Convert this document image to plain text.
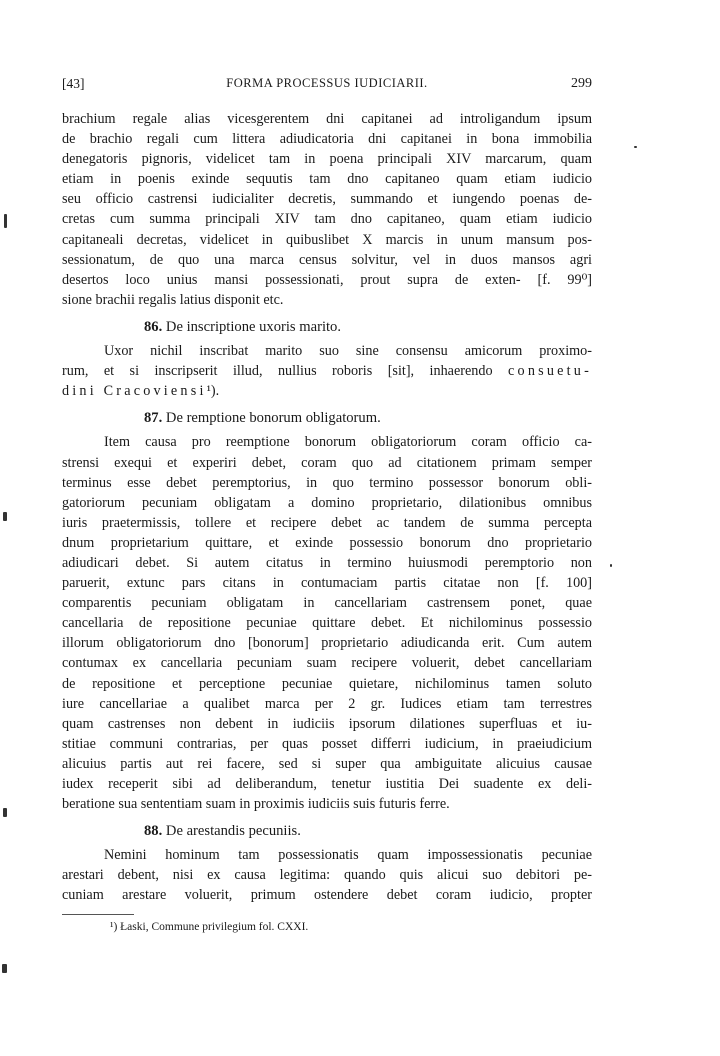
[43]	FORMA PROCESSUS IUDICIARII.	299
brachium regale alias vicesgerentem dni capitanei ad introligandum ipsum
de brachio regali cum littera adiudicatoria dni capitanei in bona immobilia
denegatoris pignoris, videlicet tam in poena principali XIV marcarum, quam
etiam in poenis exinde sequutis tam dno capitaneo quam etiam iudicio
seu officio castrensi iudicialiter decretis, summando et iungendo poenas de-
cretas cum summa principali XIV tam dno capitaneo, quam etiam iudicio
capitaneali decretas, videlicet in quibuslibet X marcis in unum mansum pos-
sessionatum, de quo una marca census solvitur, vel in duos mansos agri
desertos loco unius mansi possessionati, prout supra de exten- [f. 99⁰]
sione brachii regalis latius disponit etc.
86. De inscriptione uxoris marito.
Uxor nichil inscribat marito suo sine consensu amicorum proximo-
rum, et si inscripserit illud, nullius roboris [sit], inhaerendo consuetu-
dini Cracoviensi¹).
87. De remptione bonorum obligatorum.
Item causa pro reemptione bonorum obligatoriorum coram officio ca-
strensi exequi et experiri debet, coram quo ad citationem primam semper
terminus esse debet peremptorius, in quo termino possessor bonorum obli-
gatoriorum pecuniam obligatam a domino proprietario, dilationibus omnibus
iuris praetermissis, tollere et recipere debet ac tandem de summa percepta
dnum proprietarium quittare, et exinde possessio bonorum dno proprietario
adiudicari debet. Si autem citatus in termino huiusmodi peremptorio non
paruerit, extunc pars citans in contumaciam partis citatae non [f. 100]
comparentis pecuniam obligatam in cancellariam castrensem ponet, quae
cancellaria de repositione pecuniae quittare debet. Et nichilominus possessio
illorum obligatoriorum dno [bonorum] proprietario adiudicanda erit. Cum autem
contumax ex cancellaria pecuniam suam recipere voluerit, debet cancellariam
de repositione et perceptione pecuniae quietare, nichilominus tamen soluto
iure cancellariae a qualibet marca per 2 gr. Iudices etiam tam terrestres
quam castrenses non debent in iudiciis ipsorum dilationes superfluas et iu-
stitiae communi contrarias, per quas posset differri iudicium, in praeiudicium
alicuius partis aut rei facere, sed si super qua ambiguitate alicuius causae
iudex receperit sibi ad deliberandum, tenetur iustitia Dei suadente ex deli-
beratione sua sententiam suam in proximis iudiciis suis futuris ferre.
88. De arestandis pecuniis.
Nemini hominum tam possessionatis quam impossessionatis pecuniae
arestari debent, nisi ex causa legitima: quando quis alicui suo debitori pe-
cuniam arestare voluerit, primum ostendere debet coram iudicio, propter
¹) Łaski, Commune privilegium fol. CXXI.
